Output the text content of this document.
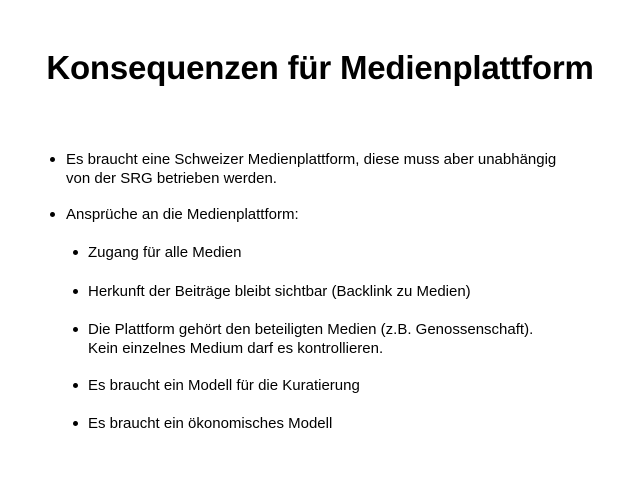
Konsequenzen für Medienplattform
Es braucht eine Schweizer Medienplattform, diese muss aber unabhängig
von der SRG betrieben werden.
Ansprüche an die Medienplattform:
Zugang für alle Medien
Herkunft der Beiträge bleibt sichtbar (Backlink zu Medien)
Die Plattform gehört den beteiligten Medien (z.B. Genossenschaft).
Kein einzelnes Medium darf es kontrollieren.
Es braucht ein Modell für die Kuratierung
Es braucht ein ökonomisches Modell
